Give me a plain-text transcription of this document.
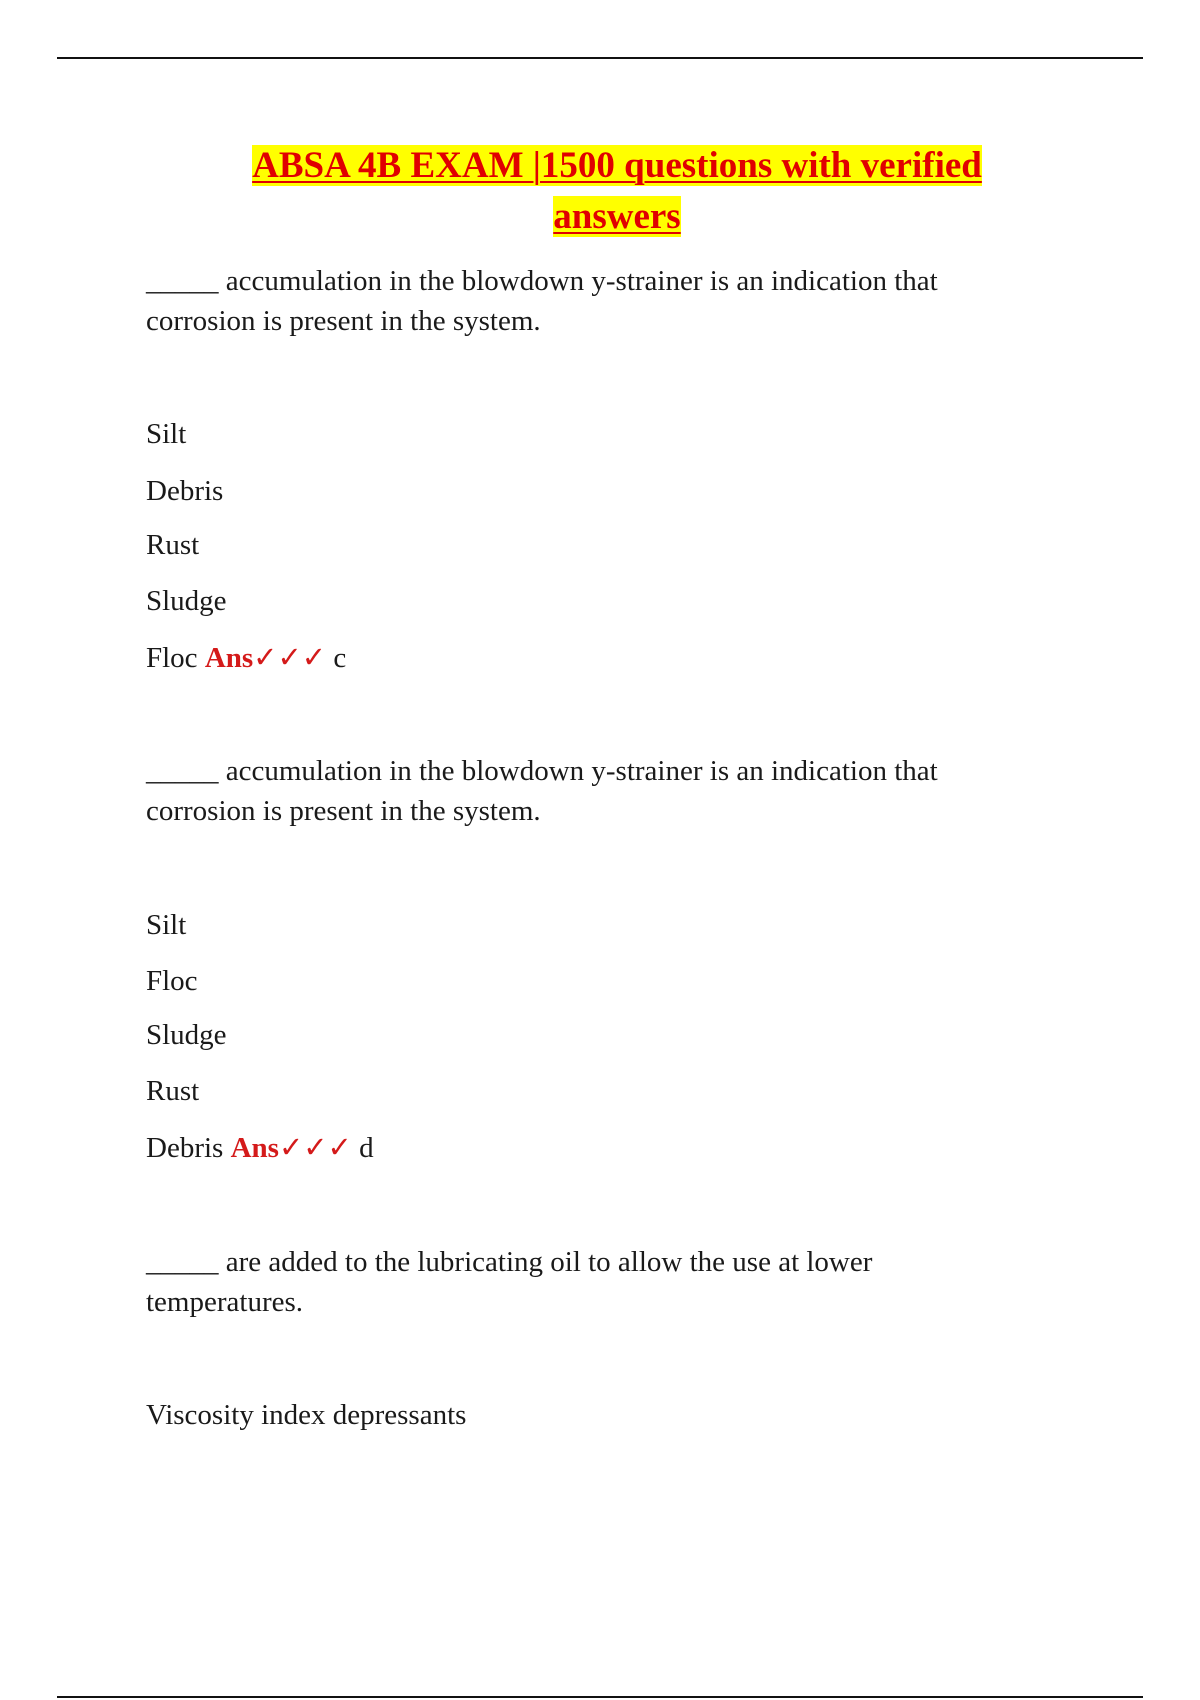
ABSA 4B EXAM |1500 questions with verified
answers
_____ accumulation in the blowdown y-strainer is an indication that
corrosion is present in the system.
Silt
Debris
Rust
Sludge
Floc Ans✓✓✓ c
_____ accumulation in the blowdown y-strainer is an indication that
corrosion is present in the system.
Silt
Floc
Sludge
Rust
Debris Ans✓✓✓ d
_____ are added to the lubricating oil to allow the use at lower
temperatures.
Viscosity index depressants
